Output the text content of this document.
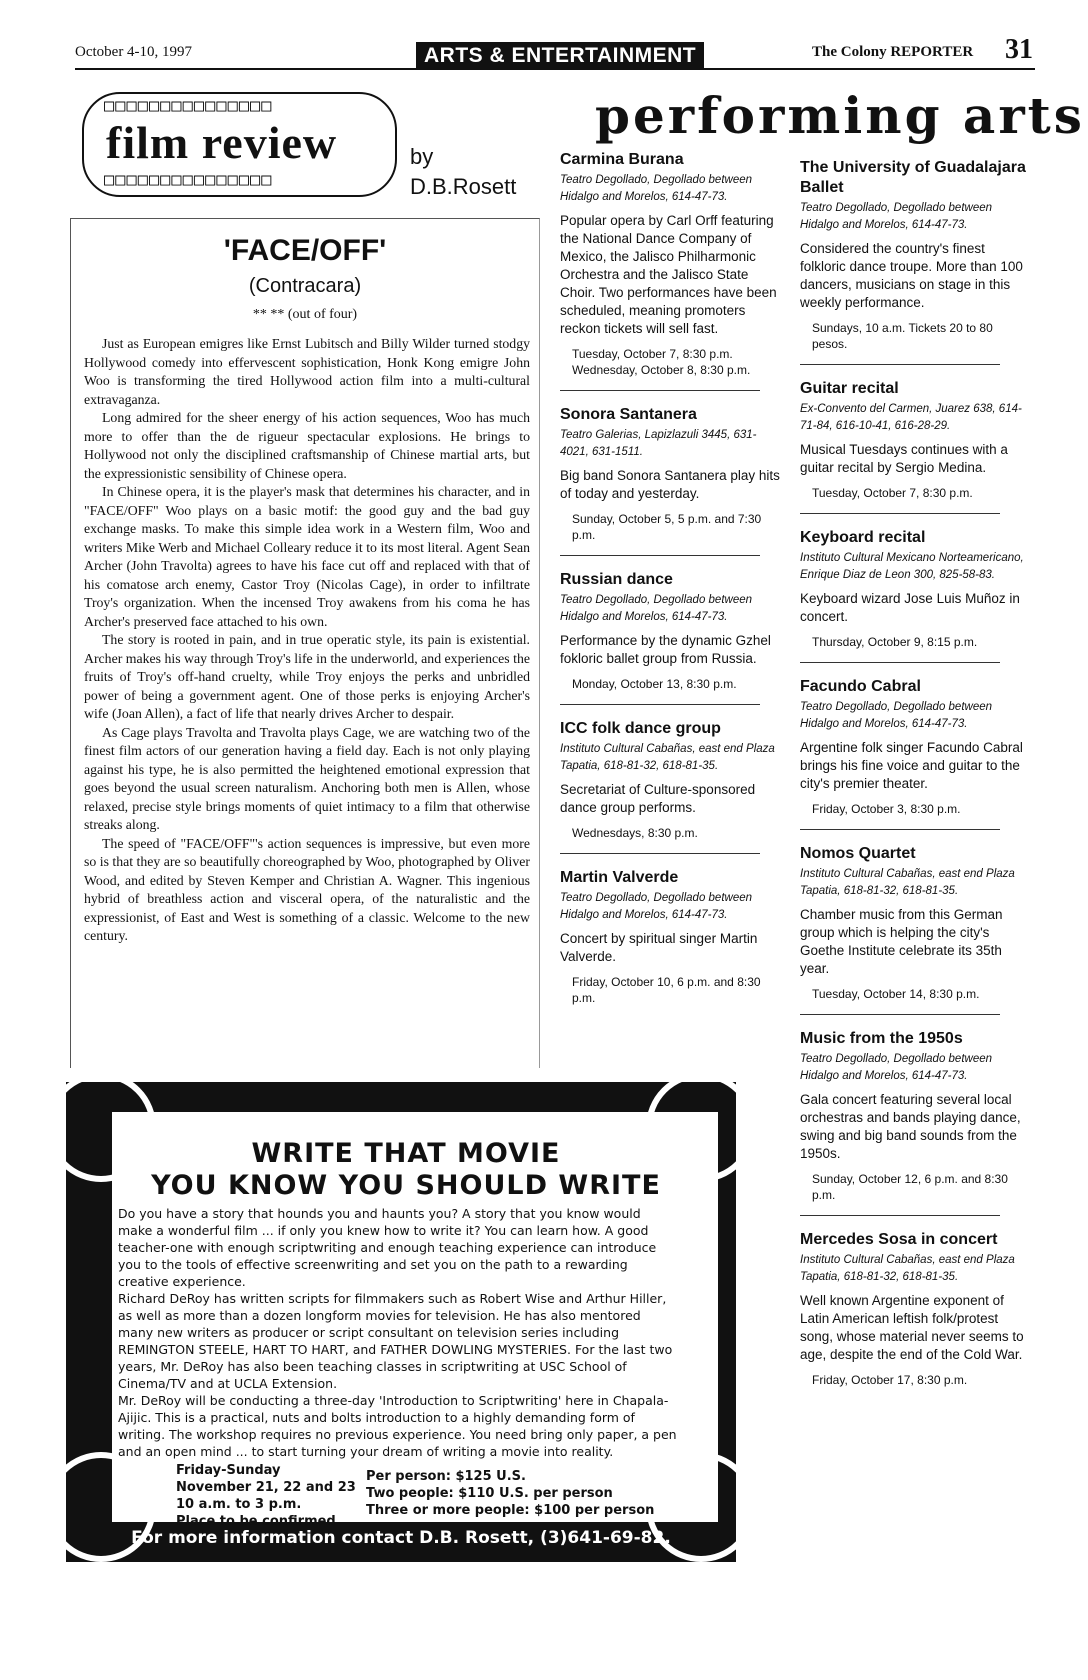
October 4-10, 1997	ARTS & ENTERTAINMENT	The Colony REPORTER 31
□□□□□□□□□□□□□□□
film review
□□□□□□□□□□□□□□□
by
D.B.Rosett
'FACE/OFF'
(Contracara)
** ** (out of four)

Just as European emigres like Ernst Lubitsch and Billy Wilder turned stodgy Hollywood comedy into effervescent sophistication, Honk Kong emigre John Woo is transforming the tired Hollywood action film into a multi-cultural extravaganza.

Long admired for the sheer energy of his action sequences, Woo has much more to offer than the de rigueur spectacular explosions. He brings to Hollywood not only the disciplined craftsmanship of Chinese martial arts, but the expressionistic sensibility of Chinese opera.

In Chinese opera, it is the player's mask that determines his character, and in "FACE/OFF" Woo plays on a basic motif: the good guy and the bad guy exchange masks. To make this simple idea work in a Western film, Woo and writers Mike Werb and Michael Colleary reduce it to its most literal. Agent Sean Archer (John Travolta) agrees to have his face cut off and replaced with that of his comatose arch enemy, Castor Troy (Nicolas Cage), in order to infiltrate Troy's organization. When the incensed Troy awakens from his coma he has Archer's preserved face attached to his own.

The story is rooted in pain, and in true operatic style, its pain is existential. Archer makes his way through Troy's life in the underworld, and experiences the fruits of Troy's off-hand cruelty, while Troy enjoys the perks and unbridled power of being a government agent. One of those perks is enjoying Archer's wife (Joan Allen), a fact of life that nearly drives Archer to despair.

As Cage plays Travolta and Travolta plays Cage, we are watching two of the finest film actors of our generation having a field day. Each is not only playing against his type, he is also permitted the heightened emotional expression that goes beyond the usual screen naturalism. Anchoring both men is Allen, whose relaxed, precise style brings moments of quiet intimacy to a film that otherwise streaks along.

The speed of "FACE/OFF"'s action sequences is impressive, but even more so is that they are so beautifully choreographed by Woo, photographed by Oliver Wood, and edited by Steven Kemper and Christian A. Wagner. This ingenious hybrid of breathless action and visceral opera, of the naturalistic and the expressionist, of East and West is something of a classic. Welcome to the new century.

performing arts
Carmina Burana
Teatro Degollado, Degollado between Hidalgo and Morelos, 614-47-73.
Popular opera by Carl Orff featuring the National Dance Company of Mexico, the Jalisco Philharmonic Orchestra and the Jalisco State Choir. Two performances have been scheduled, meaning promoters reckon tickets will sell fast.
Tuesday, October 7, 8:30 p.m. Wednesday, October 8, 8:30 p.m.
Sonora Santanera
Teatro Galerias, Lapizlazuli 3445, 631-4021, 631-1511.
Big band Sonora Santanera play hits of today and yesterday.
Sunday, October 5, 5 p.m. and 7:30 p.m.
Russian dance
Teatro Degollado, Degollado between Hidalgo and Morelos, 614-47-73.
Performance by the dynamic Gzhel fokloric ballet group from Russia.
Monday, October 13, 8:30 p.m.
ICC folk dance group
Instituto Cultural Cabañas, east end Plaza Tapatia, 618-81-32, 618-81-35.
Secretariat of Culture-sponsored dance group performs.
Wednesdays, 8:30 p.m.
Martin Valverde
Teatro Degollado, Degollado between Hidalgo and Morelos, 614-47-73.
Concert by spiritual singer Martin Valverde.
Friday, October 10, 6 p.m. and 8:30 p.m.
The University of Guadalajara Ballet
Teatro Degollado, Degollado between Hidalgo and Morelos, 614-47-73.
Considered the country's finest folkloric dance troupe. More than 100 dancers, musicians on stage in this weekly performance.
Sundays, 10 a.m. Tickets 20 to 80 pesos.
Guitar recital
Ex-Convento del Carmen, Juarez 638, 614-71-84, 616-10-41, 616-28-29.
Musical Tuesdays continues with a guitar recital by Sergio Medina.
Tuesday, October 7, 8:30 p.m.
Keyboard recital
Instituto Cultural Mexicano Norteamericano, Enrique Diaz de Leon 300, 825-58-83.
Keyboard wizard Jose Luis Muñoz in concert.
Thursday, October 9, 8:15 p.m.
Facundo Cabral
Teatro Degollado, Degollado between Hidalgo and Morelos, 614-47-73.
Argentine folk singer Facundo Cabral brings his fine voice and guitar to the city's premier theater.
Friday, October 3, 8:30 p.m.
Nomos Quartet
Instituto Cultural Cabañas, east end Plaza Tapatia, 618-81-32, 618-81-35.
Chamber music from this German group which is helping the city's Goethe Institute celebrate its 35th year.
Tuesday, October 14, 8:30 p.m.
Music from the 1950s
Teatro Degollado, Degollado between Hidalgo and Morelos, 614-47-73.
Gala concert featuring several local orchestras and bands playing dance, swing and big band sounds from the 1950s.
Sunday, October 12, 6 p.m. and 8:30 p.m.
Mercedes Sosa in concert
Instituto Cultural Cabañas, east end Plaza Tapatia, 618-81-32, 618-81-35.
Well known Argentine exponent of Latin American leftish folk/protest song, whose material never seems to age, despite the end of the Cold War.
Friday, October 17, 8:30 p.m.
WRITE THAT MOVIE
YOU KNOW YOU SHOULD WRITE

Do you have a story that hounds you and haunts you? A story that you know would make a wonderful film ... if only you knew how to write it? You can learn how. A good teacher-one with enough scriptwriting and enough teaching experience can introduce you to the tools of effective screenwriting and set you on the path to a rewarding creative experience.

Richard DeRoy has written scripts for filmmakers such as Robert Wise and Arthur Hiller, as well as more than a dozen longform movies for television. He has also mentored many new writers as producer or script consultant on television series including REMINGTON STEELE, HART TO HART, and FATHER DOWLING MYSTERIES. For the last two years, Mr. DeRoy has also been teaching classes in scriptwriting at USC School of Cinema/TV and at UCLA Extension.

Mr. DeRoy will be conducting a three-day 'Introduction to Scriptwriting' here in Chapala-Ajijic. This is a practical, nuts and bolts introduction to a highly demanding form of writing. The workshop requires no previous experience. You need bring only paper, a pen and an open mind ... to start turning your dream of writing a movie into reality.

Friday-Sunday
November 21, 22 and 23
10 a.m. to 3 p.m.
Place to be confirmed
Per person: $125 U.S.
Two people: $110 U.S. per person
Three or more people: $100 per person
For more information contact D.B. Rosett, (3)641-69-82.
